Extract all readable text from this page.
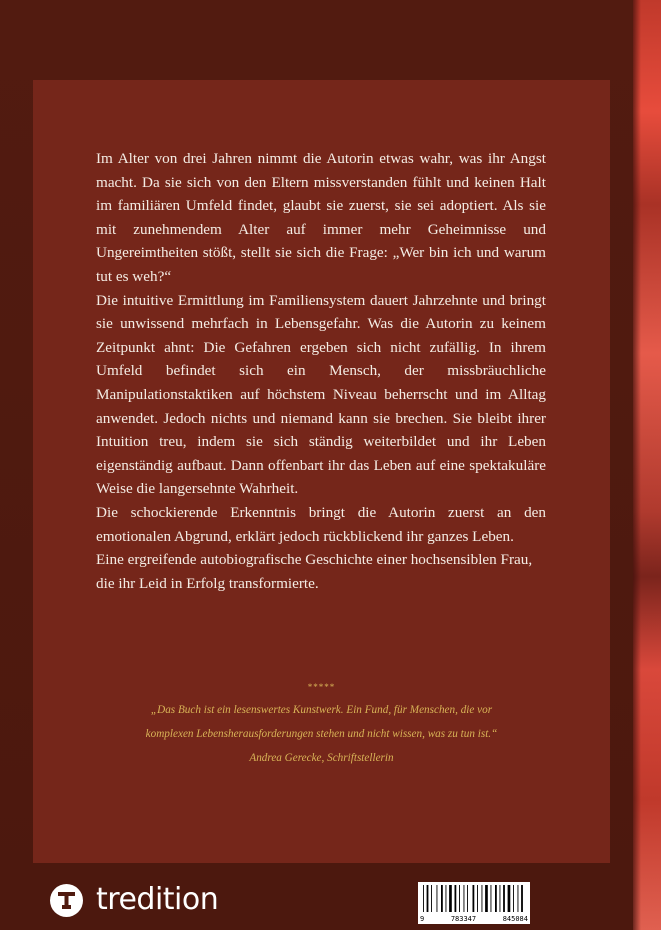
Im Alter von drei Jahren nimmt die Autorin etwas wahr, was ihr Angst macht. Da sie sich von den Eltern missverstanden fühlt und keinen Halt im familiären Umfeld findet, glaubt sie zuerst, sie sei adoptiert. Als sie mit zunehmendem Alter auf immer mehr Geheimnisse und Ungereimtheiten stößt, stellt sie sich die Frage: „Wer bin ich und warum tut es weh?“

Die intuitive Ermittlung im Familiensystem dauert Jahrzehnte und bringt sie unwissend mehrfach in Lebensgefahr. Was die Autorin zu keinem Zeitpunkt ahnt: Die Gefahren ergeben sich nicht zufällig. In ihrem Umfeld befindet sich ein Mensch, der missbräuchliche Manipulationstaktiken auf höchstem Niveau beherrscht und im Alltag anwendet. Jedoch nichts und niemand kann sie brechen. Sie bleibt ihrer Intuition treu, indem sie sich ständig weiterbildet und ihr Leben eigenständig aufbaut. Dann offenbart ihr das Leben auf eine spektakuläre Weise die langersehnte Wahrheit.

Die schockierende Erkenntnis bringt die Autorin zuerst an den emotionalen Abgrund, erklärt jedoch rückblickend ihr ganzes Leben.

Eine ergreifende autobiografische Geschichte einer hochsensiblen Frau, die ihr Leid in Erfolg transformierte.

*****
„Das Buch ist ein lesenswertes Kunstwerk. Ein Fund, für Menschen, die vor
komplexen Lebensherausforderungen stehen und nicht wissen, was zu tun ist.“
Andrea Gerecke, Schriftstellerin
tredition
9	783347	845084
